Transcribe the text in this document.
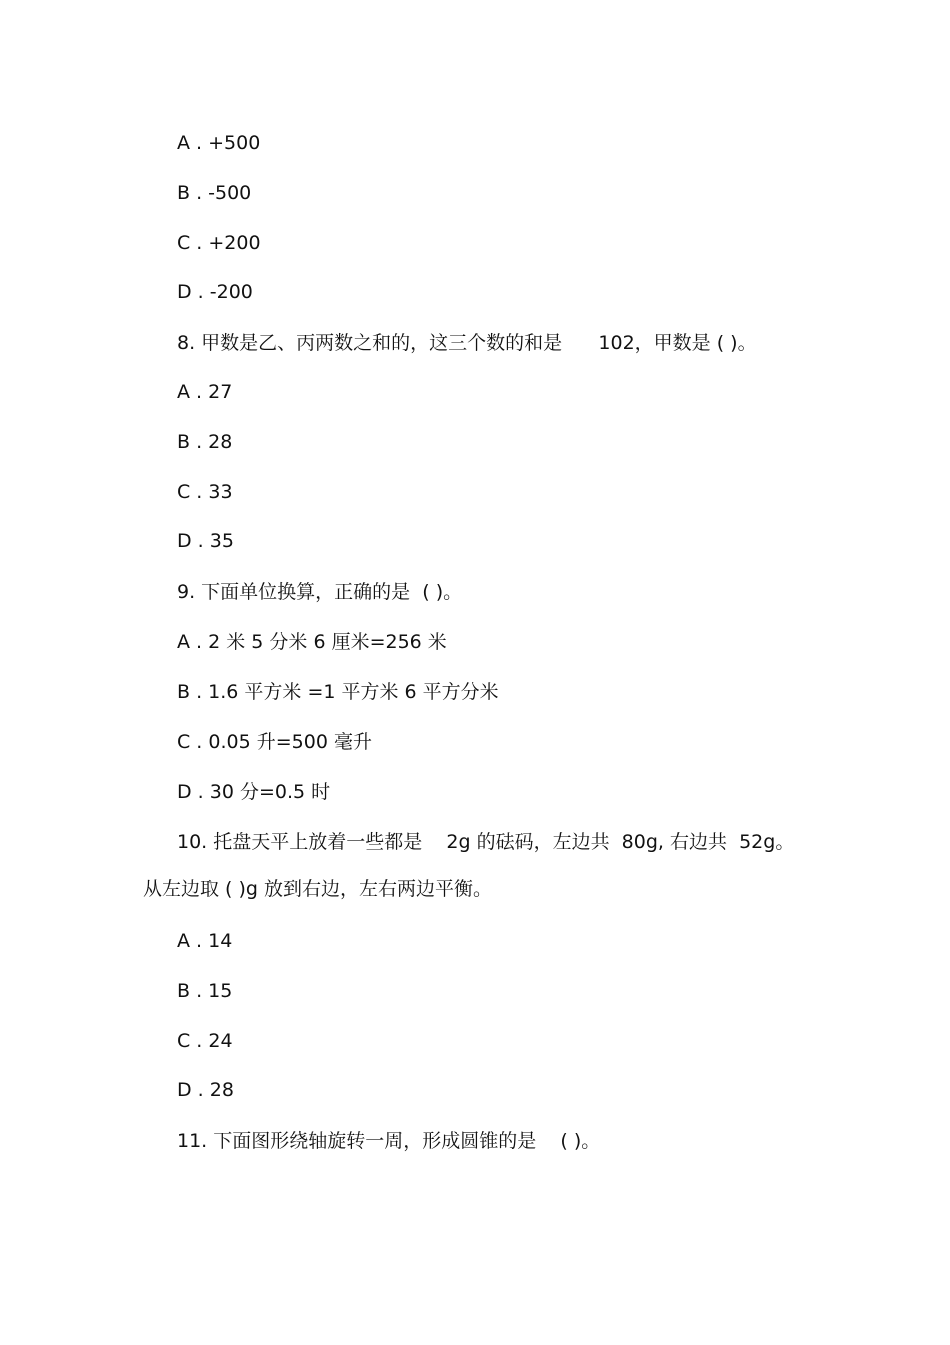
A . +500
B . -500
C . +200
D . -200
8. 甲数是乙、丙两数之和的，这三个数的和是      102，甲数是 ( )。
A . 27
B . 28
C . 33
D . 35
9. 下面单位换算，正确的是  ( )。
A . 2 米 5 分米 6 厘米=256 米
B . 1.6 平方米 =1 平方米 6 平方分米
C . 0.05 升=500 毫升
D . 30 分=0.5 时
10. 托盘天平上放着一些都是    2g 的砝码，左边共  80g, 右边共  52g。
从左边取 ( )g 放到右边，左右两边平衡。
A . 14
B . 15
C . 24
D . 28
11. 下面图形绕轴旋转一周，形成圆锥的是    ( )。
